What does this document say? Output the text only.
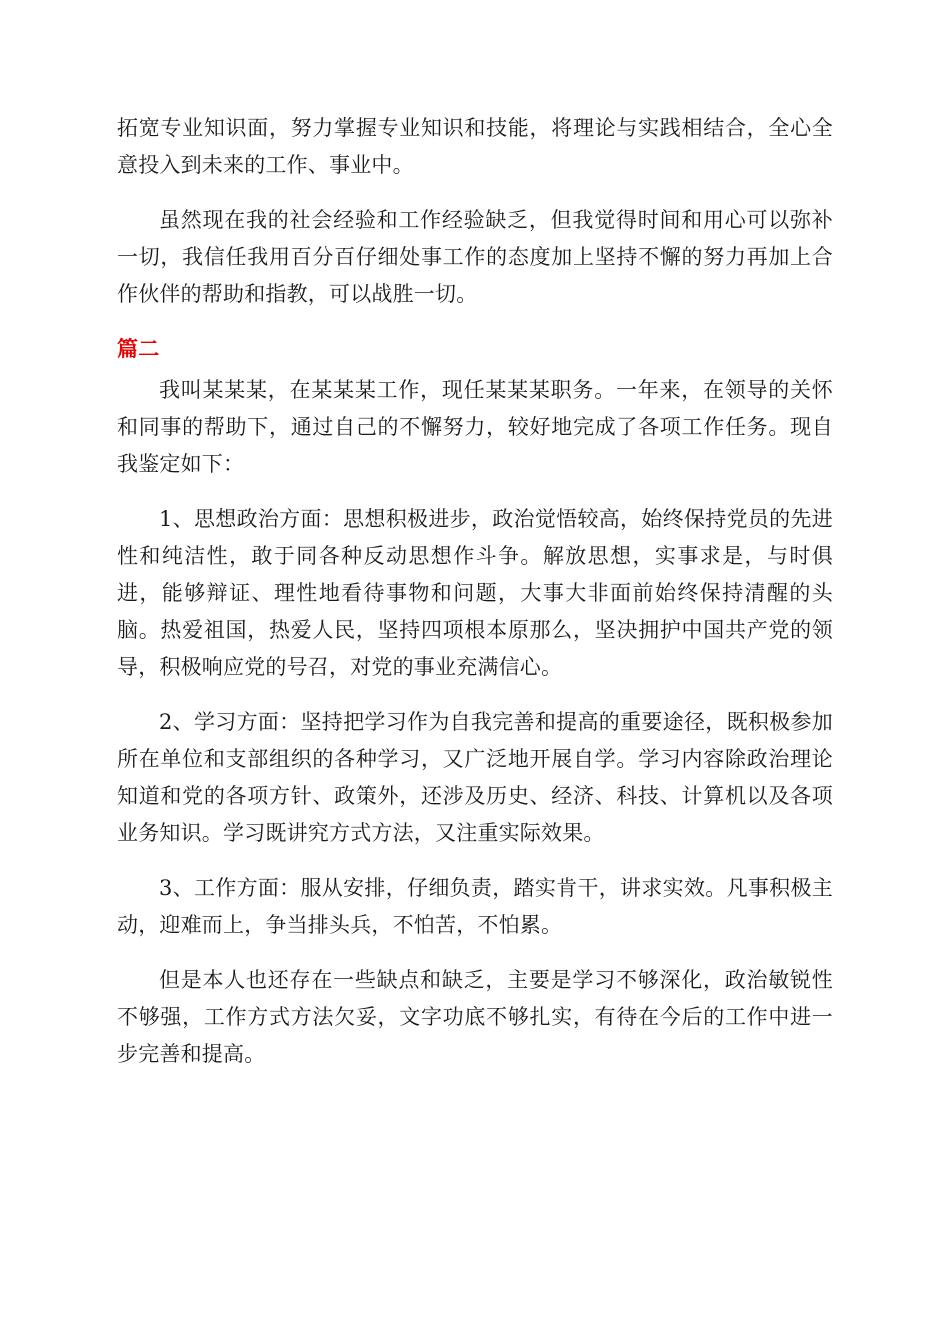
拓宽专业知识面，努力掌握专业知识和技能，将理论与实践相结合，全心全意投入到未来的工作、事业中。

虽然现在我的社会经验和工作经验缺乏，但我觉得时间和用心可以弥补一切，我信任我用百分百仔细处事工作的态度加上坚持不懈的努力再加上合作伙伴的帮助和指教，可以战胜一切。

篇二

我叫某某某，在某某某工作，现任某某某职务。一年来，在领导的关怀和同事的帮助下，通过自己的不懈努力，较好地完成了各项工作任务。现自我鉴定如下：

1、思想政治方面：思想积极进步，政治觉悟较高，始终保持党员的先进性和纯洁性，敢于同各种反动思想作斗争。解放思想，实事求是，与时俱进，能够辩证、理性地看待事物和问题，大事大非面前始终保持清醒的头脑。热爱祖国，热爱人民，坚持四项根本原那么，坚决拥护中国共产党的领导，积极响应党的号召，对党的事业充满信心。

2、学习方面：坚持把学习作为自我完善和提高的重要途径，既积极参加所在单位和支部组织的各种学习，又广泛地开展自学。学习内容除政治理论知道和党的各项方针、政策外，还涉及历史、经济、科技、计算机以及各项业务知识。学习既讲究方式方法，又注重实际效果。

3、工作方面：服从安排，仔细负责，踏实肯干，讲求实效。凡事积极主动，迎难而上，争当排头兵，不怕苦，不怕累。

但是本人也还存在一些缺点和缺乏，主要是学习不够深化，政治敏锐性不够强，工作方式方法欠妥，文字功底不够扎实，有待在今后的工作中进一步完善和提高。
